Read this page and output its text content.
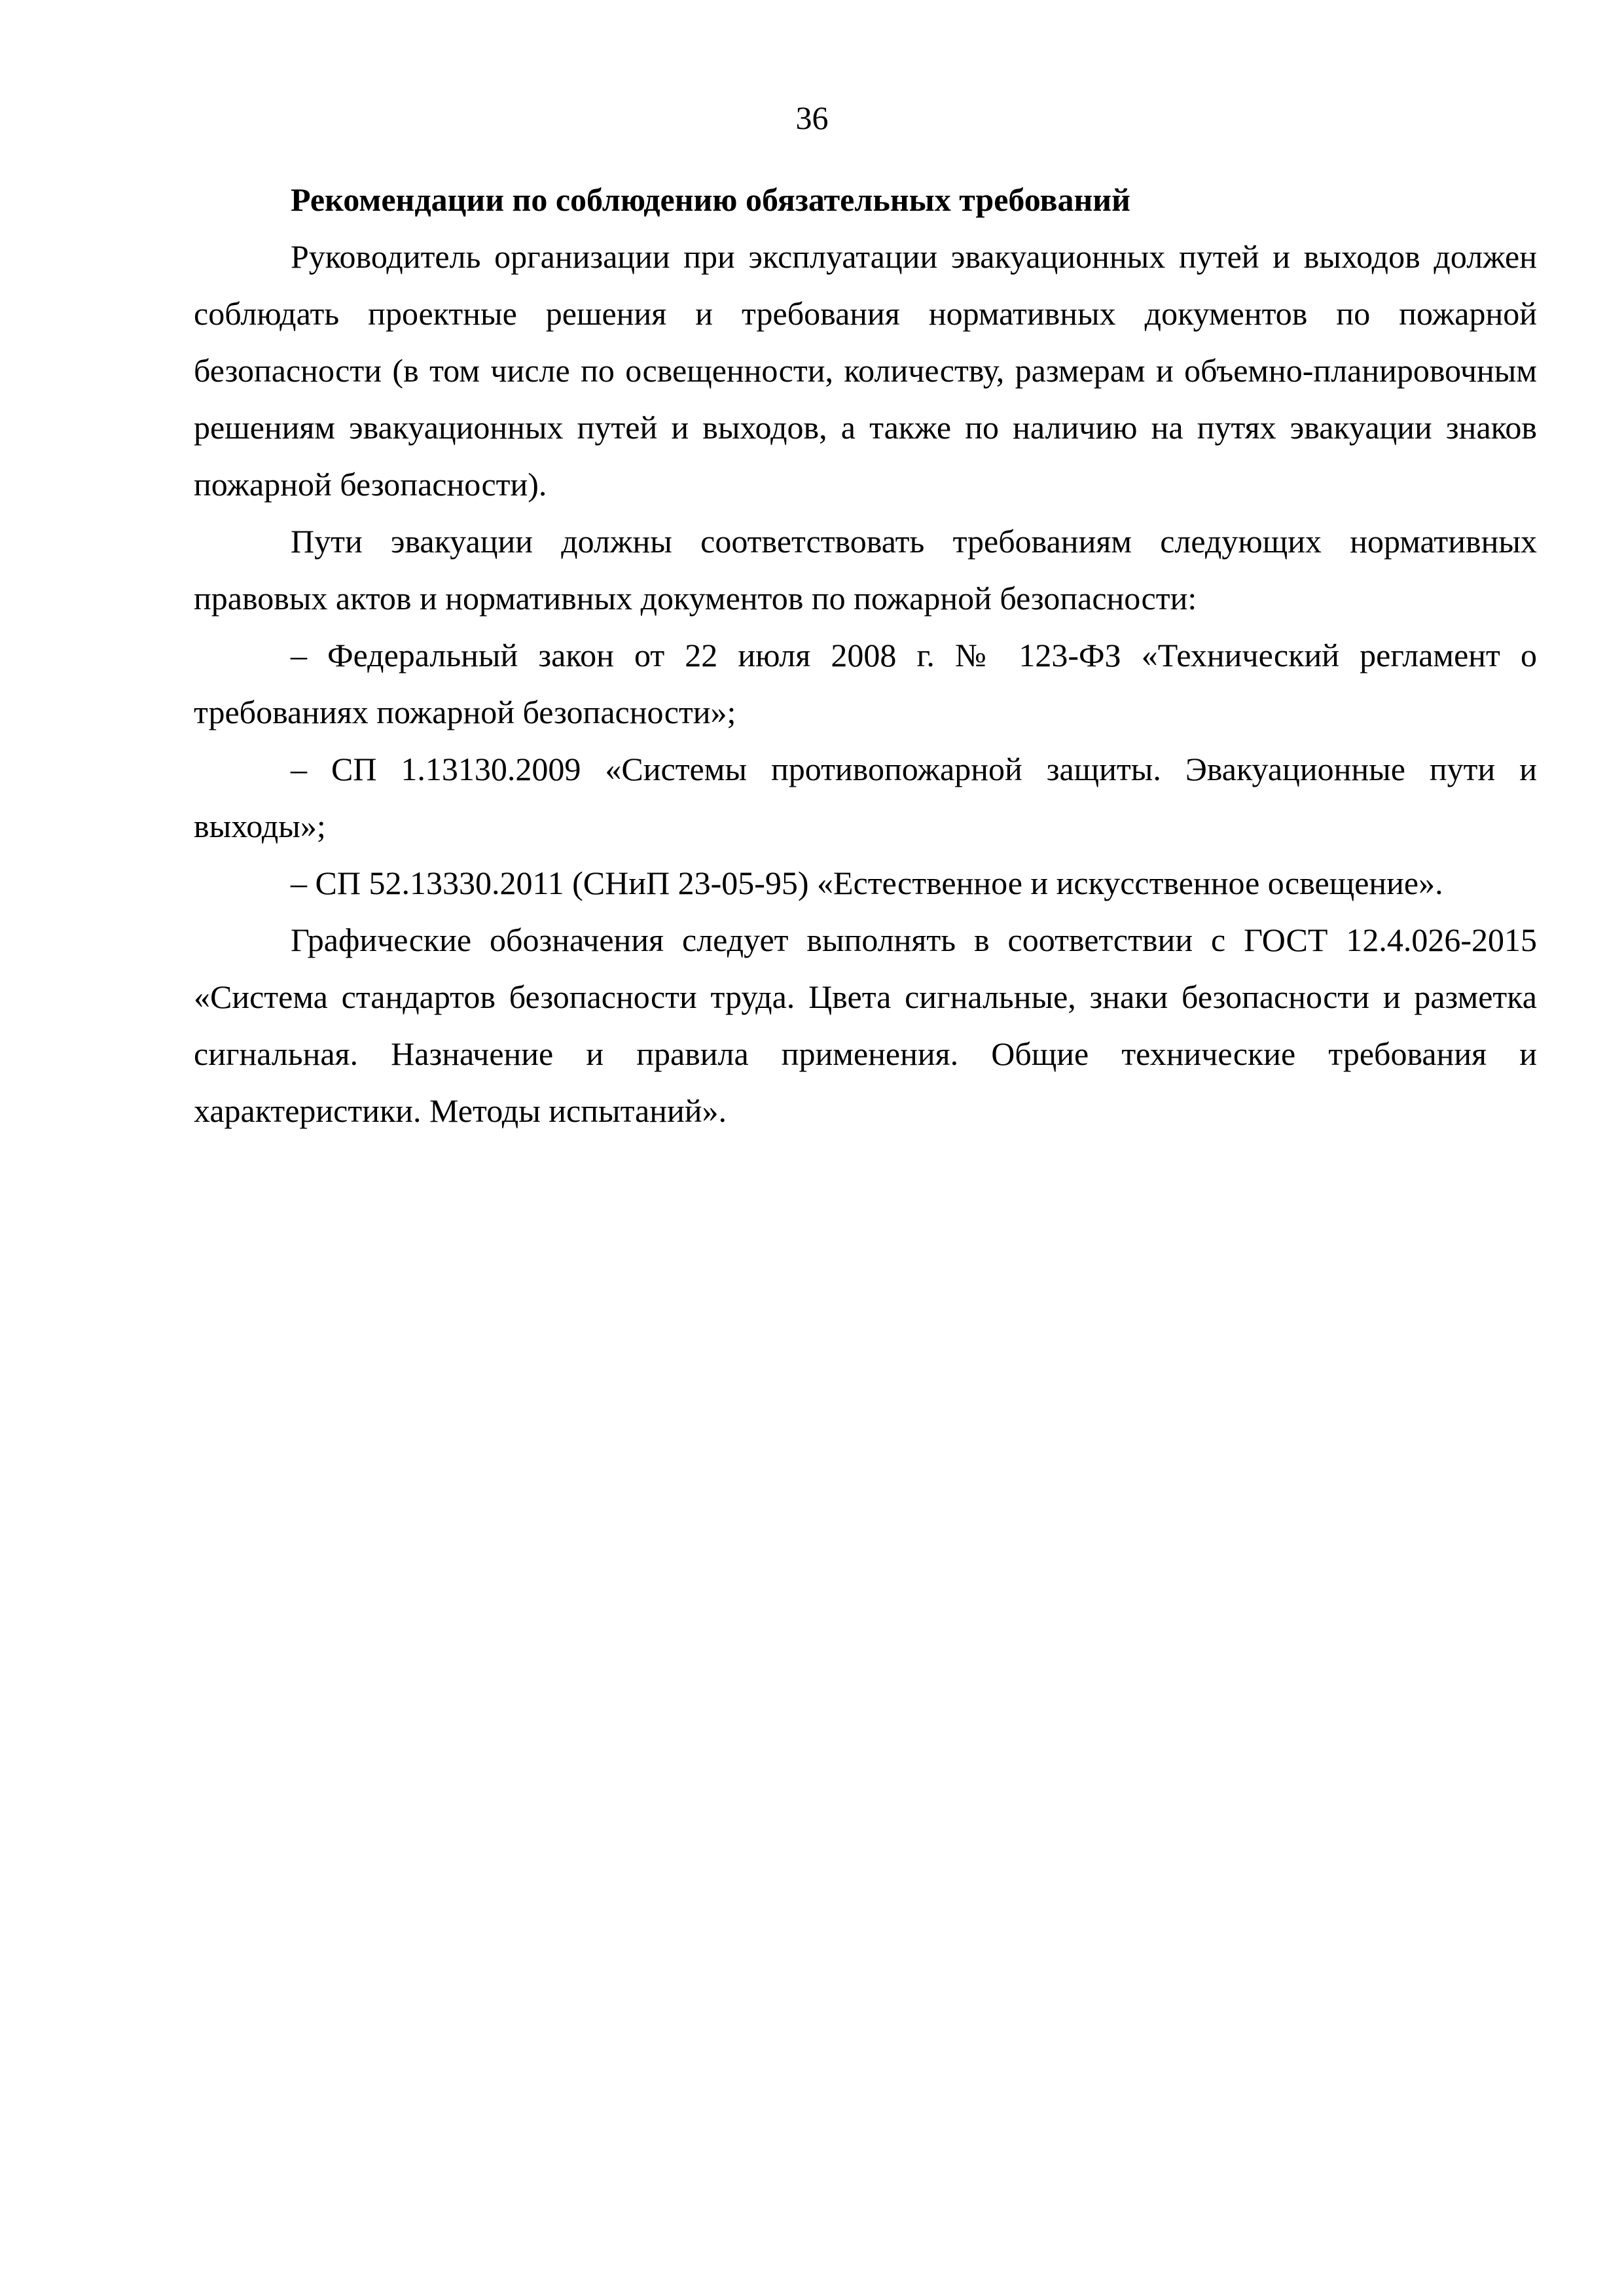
36

Рекомендации по соблюдению обязательных требований

Руководитель организации при эксплуатации эвакуационных путей и выходов должен соблюдать проектные решения и требования нормативных документов по пожарной безопасности (в том числе по освещенности, количеству, размерам и объемно-планировочным решениям эвакуационных путей и выходов, а также по наличию на путях эвакуации знаков пожарной безопасности).

Пути эвакуации должны соответствовать требованиям следующих нормативных правовых актов и нормативных документов по пожарной безопасности:

– Федеральный закон от 22 июля 2008 г. № 123-ФЗ «Технический регламент о требованиях пожарной безопасности»;

– СП 1.13130.2009 «Системы противопожарной защиты. Эвакуационные пути и выходы»;

– СП 52.13330.2011 (СНиП 23-05-95) «Естественное и искусственное освещение».

Графические обозначения следует выполнять в соответствии с ГОСТ 12.4.026-2015 «Система стандартов безопасности труда. Цвета сигнальные, знаки безопасности и разметка сигнальная. Назначение и правила применения. Общие технические требования и характеристики. Методы испытаний».
